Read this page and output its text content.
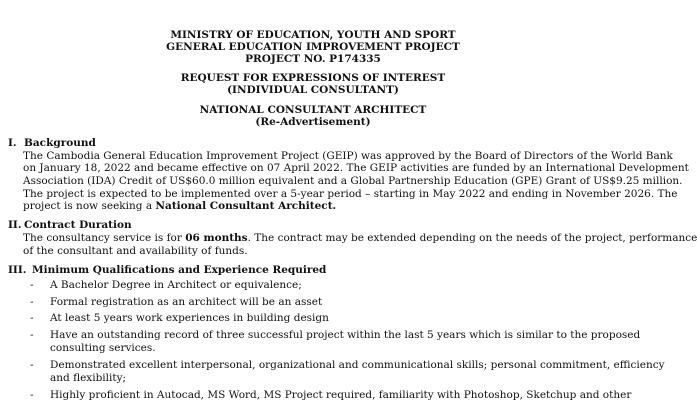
MINISTRY OF EDUCATION, YOUTH AND SPORT
GENERAL EDUCATION IMPROVEMENT PROJECT
PROJECT NO. P174335
REQUEST FOR EXPRESSIONS OF INTEREST
(INDIVIDUAL CONSULTANT)
NATIONAL CONSULTANT ARCHITECT
(Re-Advertisement)
I. Background
The Cambodia General Education Improvement Project (GEIP) was approved by the Board of Directors of the World Bank
on January 18, 2022 and became effective on 07 April 2022. The GEIP activities are funded by an International Development
Association (IDA) Credit of US$60.0 million equivalent and a Global Partnership Education (GPE) Grant of US$9.25 million.
The project is expected to be implemented over a 5-year period – starting in May 2022 and ending in November 2026. The
project is now seeking a National Consultant Architect.
II. Contract Duration
The consultancy service is for 06 months. The contract may be extended depending on the needs of the project, performance
of the consultant and availability of funds.
III. Minimum Qualifications and Experience Required
- A Bachelor Degree in Architect or equivalence;
- Formal registration as an architect will be an asset
- At least 5 years work experiences in building design
- Have an outstanding record of three successful project within the last 5 years which is similar to the proposed
consulting services.
- Demonstrated excellent interpersonal, organizational and communicational skills; personal commitment, efficiency
and flexibility;
- Highly proficient in Autocad, MS Word, MS Project required, familiarity with Photoshop, Sketchup and other
